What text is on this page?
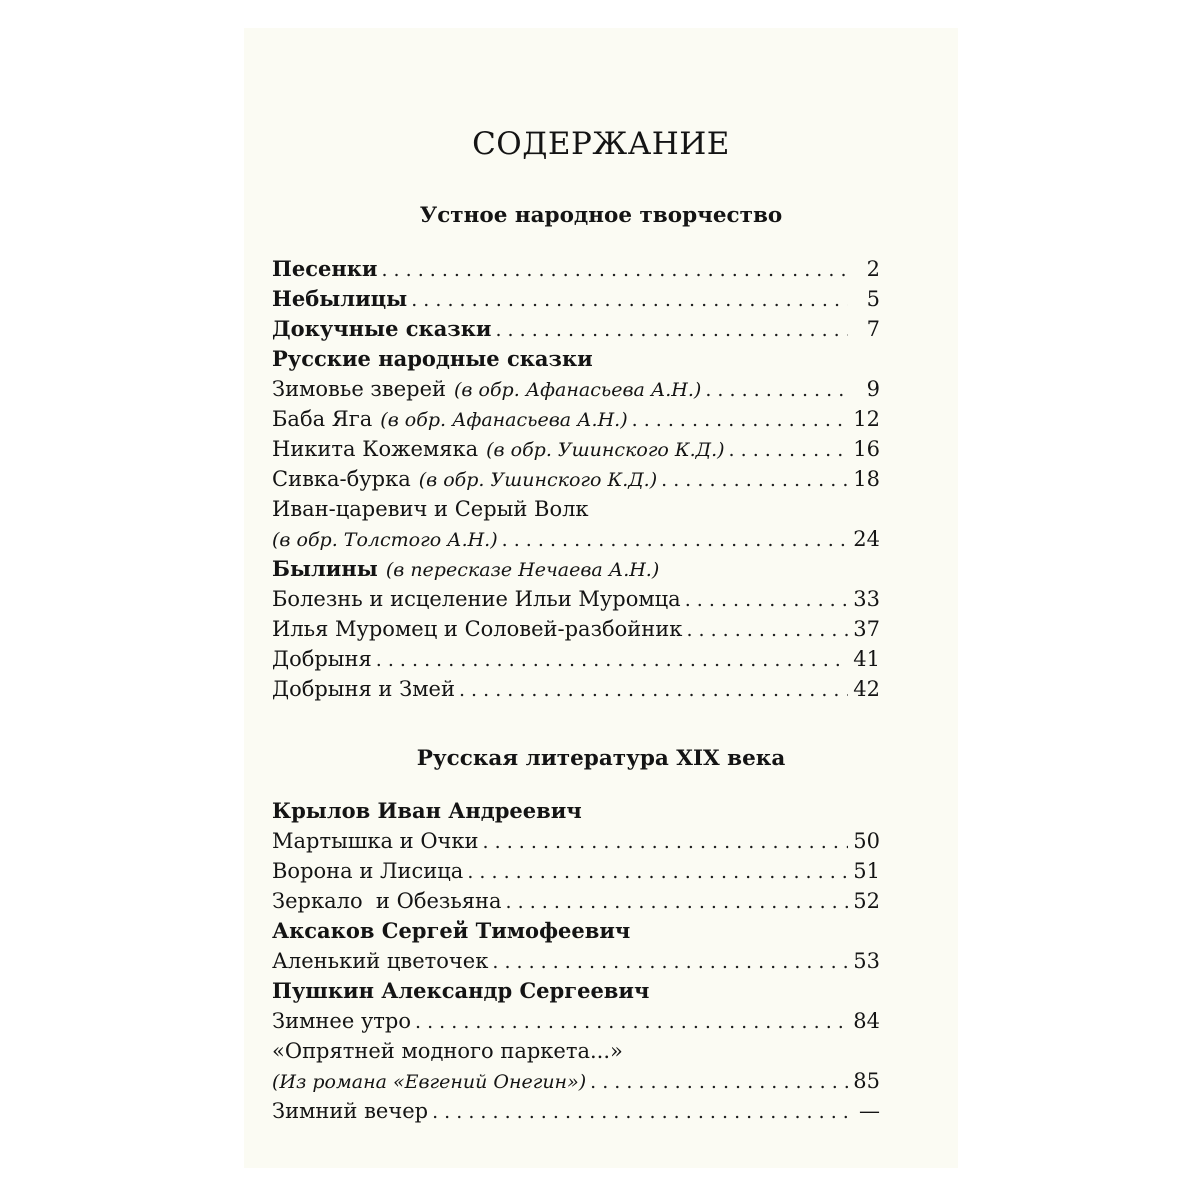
СОДЕРЖАНИЕ
Устное народное творчество
Песенки . . .	2
Небылицы . . .	5
Докучные сказки . . .	7
Русские народные сказки
Зимовье зверей (в обр. Афанасьева А.Н.) . . .	9
Баба Яга (в обр. Афанасьева А.Н.) . . .	12
Никита Кожемяка (в обр. Ушинского К.Д.) . . .	16
Сивка-бурка (в обр. Ушинского К.Д.) . . .	18
Иван-царевич и Серый Волк
(в обр. Толстого А.Н.) . . .	24
Былины (в пересказе Нечаева А.Н.)
Болезнь и исцеление Ильи Муромца . . .	33
Илья Муромец и Соловей-разбойник . . .	37
Добрыня . . .	41
Добрыня и Змей . . .	42
Русская литература XIX века
Крылов Иван Андреевич
Мартышка и Очки . . .	50
Ворона и Лисица . . .	51
Зеркало  и Обезьяна . . .	52
Аксаков Сергей Тимофеевич
Аленький цветочек . . .	53
Пушкин Александр Сергеевич
Зимнее утро . . .	84
«Опрятней модного паркета...»
(Из романа «Евгений Онегин») . . .	85
Зимний вечер . . .	—
